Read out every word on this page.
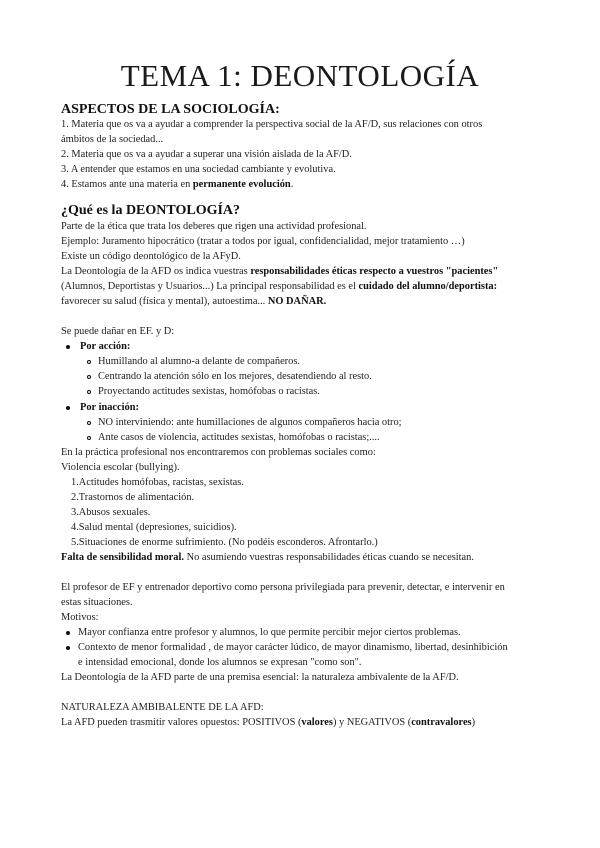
TEMA 1: DEONTOLOGÍA
ASPECTOS DE LA SOCIOLOGÍA:
1. Materia que os va a ayudar a comprender la perspectiva social de la AF/D, sus relaciones con otros
ámbitos de la sociedad...
2. Materia que os va a ayudar a superar una visión aislada de la AF/D.
3. A entender que estamos en una sociedad cambiante y evolutiva.
4. Estamos ante una materia en permanente evolución.
¿Qué es la DEONTOLOGÍA?
Parte de la ética que trata los deberes que rigen una actividad profesional.
Ejemplo: Juramento hipocrático (tratar a todos por igual, confidencialidad, mejor tratamiento …)
Existe un código deontológico de la AFyD.
La Deontología de la AFD os indica vuestras responsabilidades éticas respecto a vuestros "pacientes"
(Alumnos, Deportistas y Usuarios...) La principal responsabilidad es el cuidado del alumno/deportista:
favorecer su salud (física y mental), autoestima... NO DAÑAR.
Se puede dañar en EF. y D:
Por acción:
Humillando al alumno-a delante de compañeros.
Centrando la atención sólo en los mejores, desatendiendo al resto.
Proyectando actitudes sexistas, homófobas o racistas.
Por inacción:
NO interviniendo: ante humillaciones de algunos compañeros hacia otro;
Ante casos de violencia, actitudes sexistas, homófobas o racistas;....
En la práctica profesional nos encontraremos con problemas sociales como:
Violencia escolar (bullying).
1.Actitudes homófobas, racistas, sexistas.
2.Trastornos de alimentación.
3.Abusos sexuales.
4.Salud mental (depresiones, suicidios).
5.Situaciones de enorme sufrimiento. (No podéis esconderos. Afrontarlo.)
Falta de sensibilidad moral. No asumiendo vuestras responsabilidades éticas cuando se necesitan.
El profesor de EF y entrenador deportivo como persona privilegiada para prevenir, detectar, e intervenir en
estas situaciones.
Motivos:
Mayor confianza entre profesor y alumnos, lo que permite percibir mejor ciertos problemas.
Contexto de menor formalidad , de mayor carácter lúdico, de mayor dinamismo, libertad, desinhibición
e intensidad emocional, donde los alumnos se expresan "como son".
La Deontología de la AFD parte de una premisa esencial: la naturaleza ambivalente de la AF/D.
NATURALEZA AMBIBALENTE DE LA AFD:
La AFD pueden trasmitir valores opuestos: POSITIVOS (valores) y NEGATIVOS (contravalores)
